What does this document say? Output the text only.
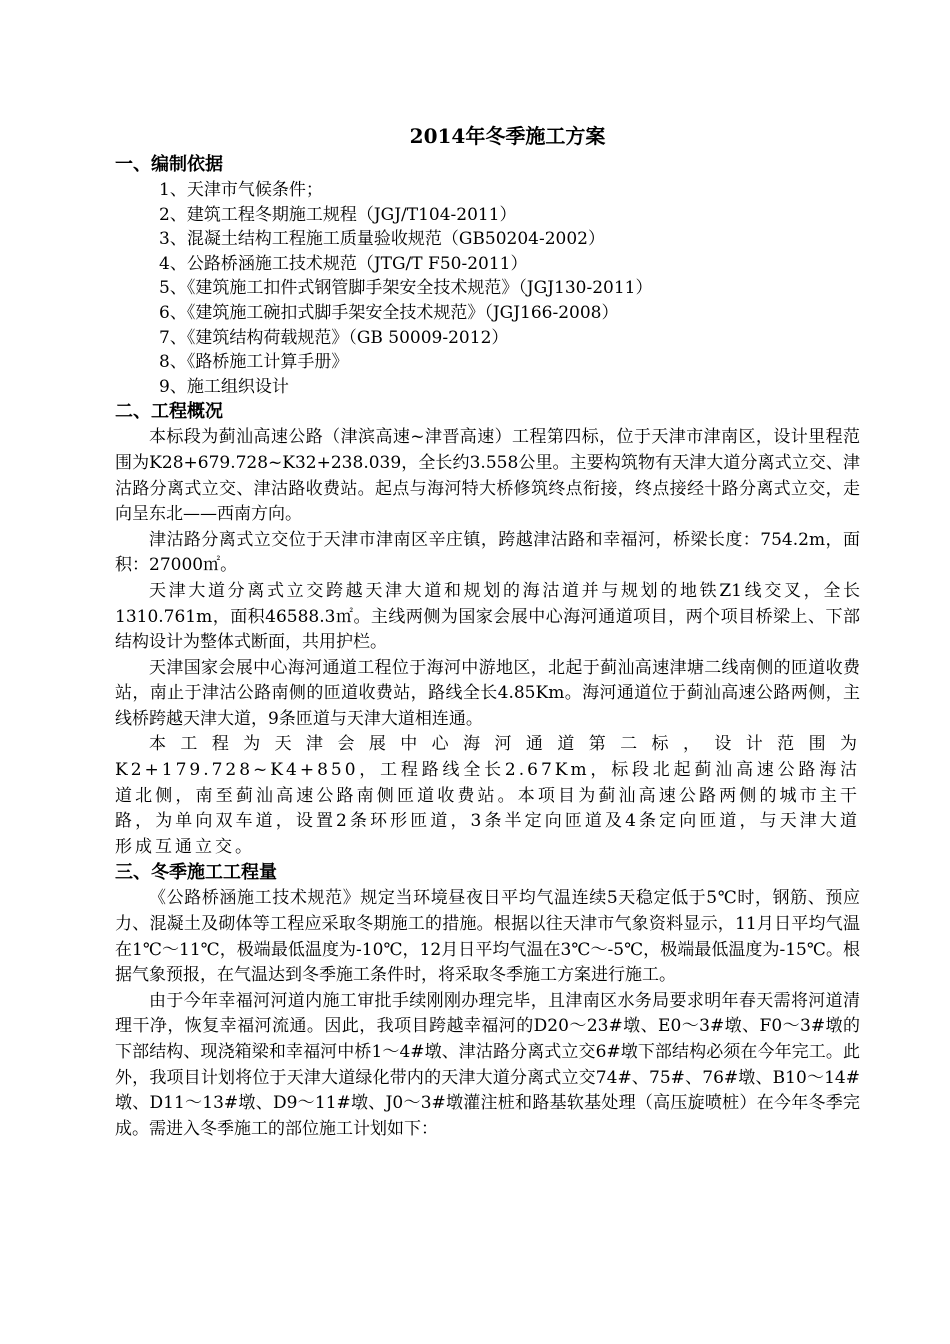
2014年冬季施工方案
一、编制依据
1、天津市气候条件；
2、建筑工程冬期施工规程（JGJ/T104-2011）
3、混凝土结构工程施工质量验收规范（GB50204-2002）
4、公路桥涵施工技术规范（JTG/T F50-2011）
5、《建筑施工扣件式钢管脚手架安全技术规范》（JGJ130-2011）
6、《建筑施工碗扣式脚手架安全技术规范》（JGJ166-2008）
7、《建筑结构荷载规范》（GB 50009-2012）
8、《路桥施工计算手册》
9、施工组织设计
二、工程概况

本标段为蓟汕高速公路（津滨高速~津晋高速）工程第四标，位于天津市津南区，设计里程范围为K28+679.728~K32+238.039，全长约3.558公里。主要构筑物有天津大道分离式立交、津沽路分离式立交、津沽路收费站。起点与海河特大桥修筑终点衔接，终点接经十路分离式立交，走向呈东北——西南方向。

津沽路分离式立交位于天津市津南区辛庄镇，跨越津沽路和幸福河，桥梁长度：754.2m，面积：27000㎡。

天津大道分离式立交跨越天津大道和规划的海沽道并与规划的地铁Z1线交叉，全长1310.761m，面积46588.3㎡。主线两侧为国家会展中心海河通道项目，两个项目桥梁上、下部结构设计为整体式断面，共用护栏。

天津国家会展中心海河通道工程位于海河中游地区，北起于蓟汕高速津塘二线南侧的匝道收费站，南止于津沽公路南侧的匝道收费站，路线全长4.85Km。海河通道位于蓟汕高速公路两侧，主线桥跨越天津大道，9条匝道与天津大道相连通。

本工程为天津会展中心海河通道第二标，设计范围为K2+179.728~K4+850，工程路线全长2.67Km，标段北起蓟汕高速公路海沽道北侧，南至蓟汕高速公路南侧匝道收费站。本项目为蓟汕高速公路两侧的城市主干路，为单向双车道，设置2条环形匝道，3条半定向匝道及4条定向匝道，与天津大道形成互通立交。

三、冬季施工工程量

《公路桥涵施工技术规范》规定当环境昼夜日平均气温连续5天稳定低于5℃时，钢筋、预应力、混凝土及砌体等工程应采取冬期施工的措施。根据以往天津市气象资料显示，11月日平均气温在1℃～11℃，极端最低温度为-10℃，12月日平均气温在3℃～-5℃，极端最低温度为-15℃。根据气象预报，在气温达到冬季施工条件时，将采取冬季施工方案进行施工。

由于今年幸福河河道内施工审批手续刚刚办理完毕，且津南区水务局要求明年春天需将河道清理干净，恢复幸福河流通。因此，我项目跨越幸福河的D20～23#墩、E0～3#墩、F0～3#墩的下部结构、现浇箱梁和幸福河中桥1～4#墩、津沽路分离式立交6#墩下部结构必须在今年完工。此外，我项目计划将位于天津大道绿化带内的天津大道分离式立交74#、75#、76#墩、B10～14#墩、D11～13#墩、D9～11#墩、J0～3#墩灌注桩和路基软基处理（高压旋喷桩）在今年冬季完成。需进入冬季施工的部位施工计划如下：
